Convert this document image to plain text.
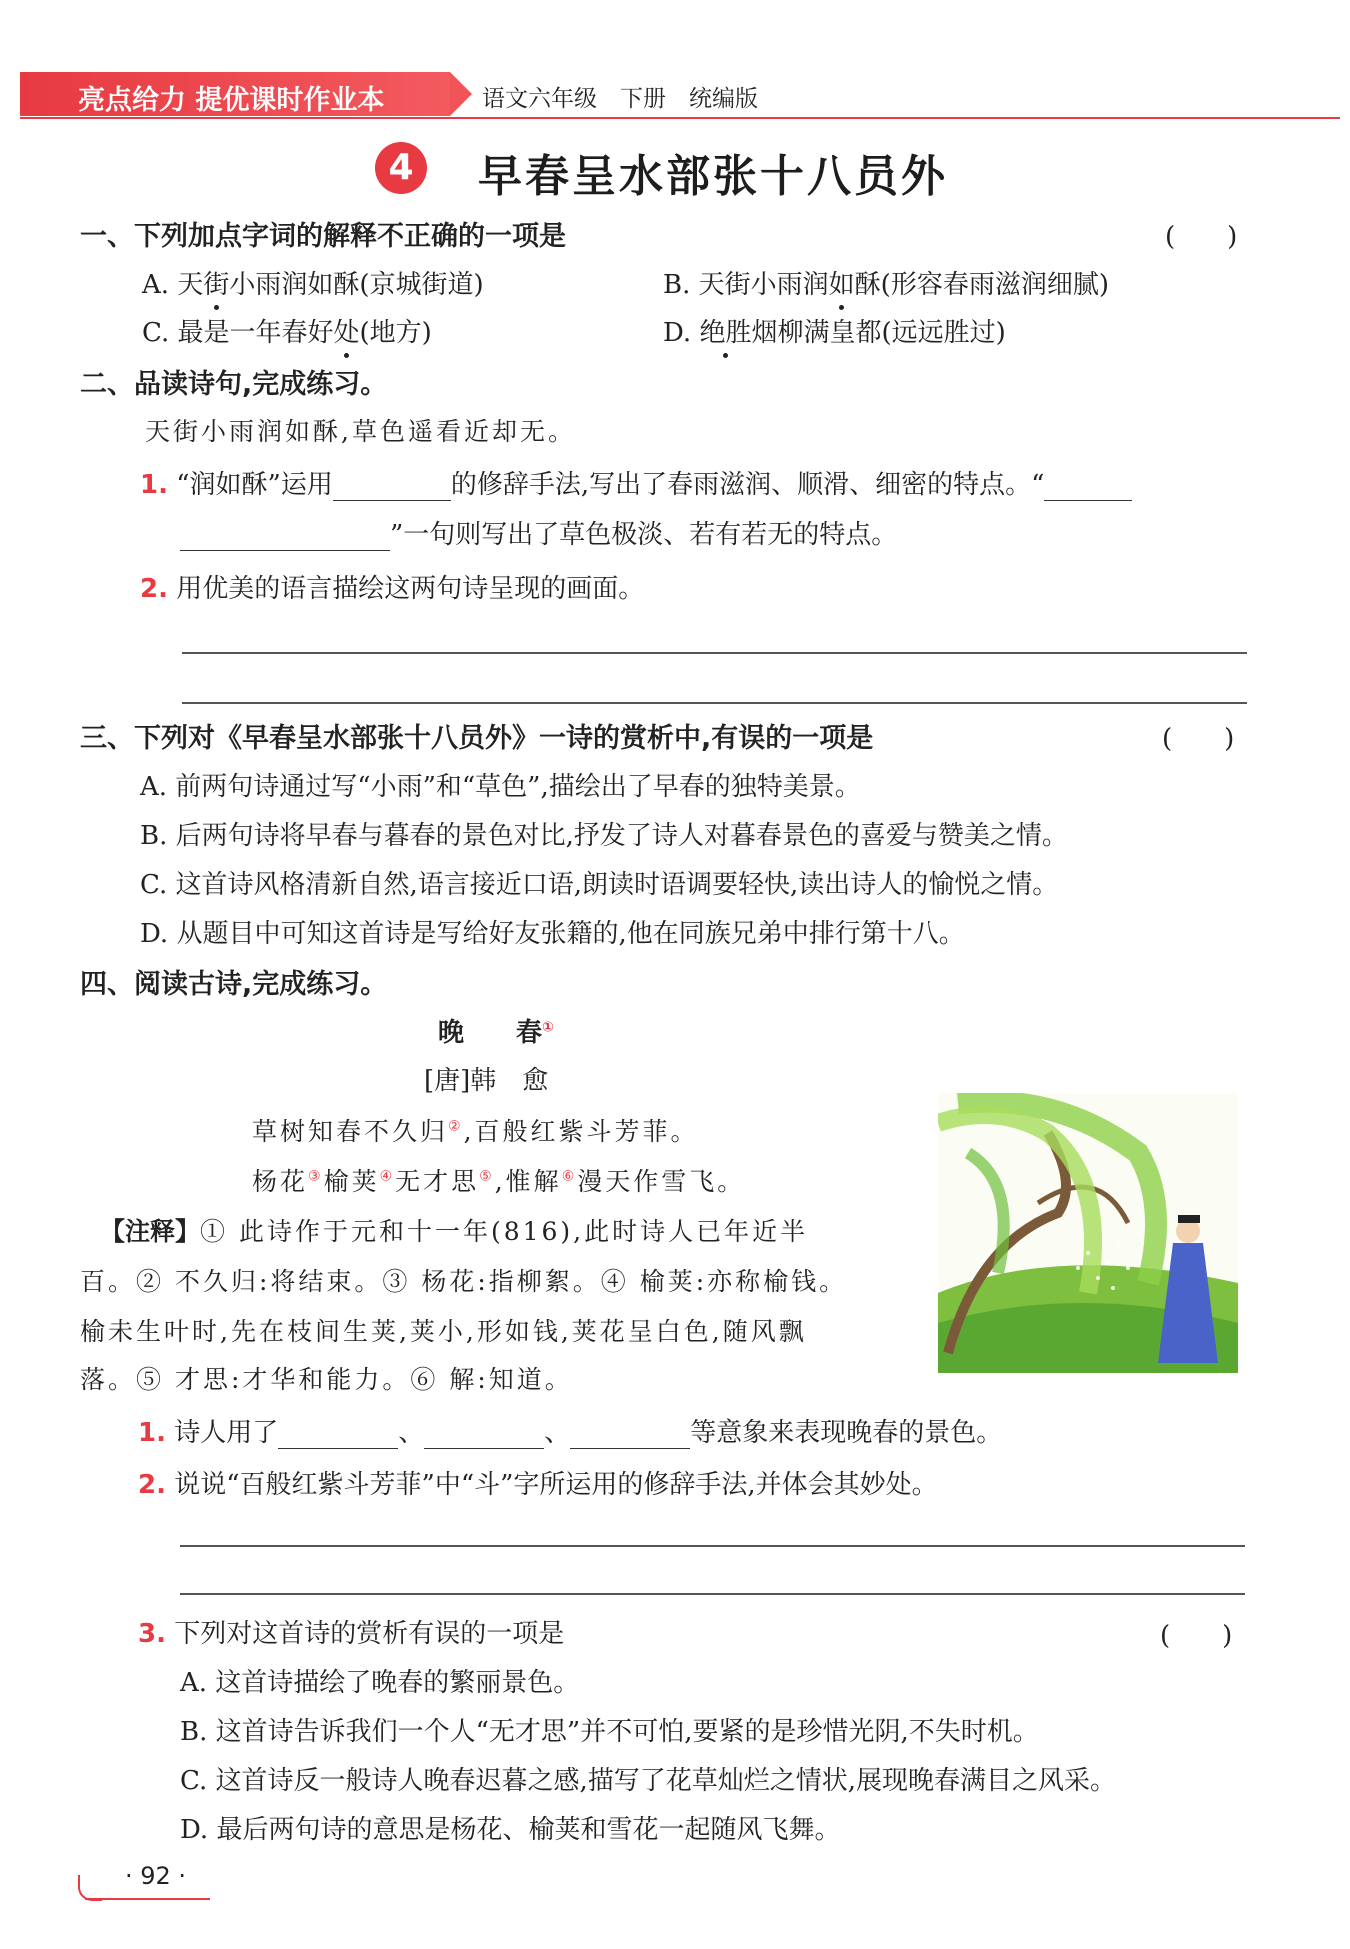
亮点给力 提优课时作业本	语文六年级　下册　统编版
4	早春呈水部张十八员外
一、下列加点字词的解释不正确的一项是	(　　)
A. 天街小雨润如酥(京城街道)	B. 天街小雨润如酥(形容春雨滋润细腻)
C. 最是一年春好处(地方)	D. 绝胜烟柳满皇都(远远胜过)
二、品读诗句,完成练习。
天街小雨润如酥,草色遥看近却无。
1. “润如酥”运用	的修辞手法,写出了春雨滋润、顺滑、细密的特点。“
”一句则写出了草色极淡、若有若无的特点。
2. 用优美的语言描绘这两句诗呈现的画面。
三、下列对《早春呈水部张十八员外》一诗的赏析中,有误的一项是	(　　)
A. 前两句诗通过写“小雨”和“草色”,描绘出了早春的独特美景。
B. 后两句诗将早春与暮春的景色对比,抒发了诗人对暮春景色的喜爱与赞美之情。
C. 这首诗风格清新自然,语言接近口语,朗读时语调要轻快,读出诗人的愉悦之情。
D. 从题目中可知这首诗是写给好友张籍的,他在同族兄弟中排行第十八。
四、阅读古诗,完成练习。
晚　　春①
[唐]韩　愈
草树知春不久归②,百般红紫斗芳菲。
杨花③榆荚④无才思⑤,惟解⑥漫天作雪飞。
【注释】① 此诗作于元和十一年(816),此时诗人已年近半
百。② 不久归:将结束。③ 杨花:指柳絮。④ 榆荚:亦称榆钱。
榆未生叶时,先在枝间生荚,荚小,形如钱,荚花呈白色,随风飘
落。⑤ 才思:才华和能力。⑥ 解:知道。
1. 诗人用了	、	、	等意象来表现晚春的景色。
2. 说说“百般红紫斗芳菲”中“斗”字所运用的修辞手法,并体会其妙处。
3. 下列对这首诗的赏析有误的一项是	(　　)
A. 这首诗描绘了晚春的繁丽景色。
B. 这首诗告诉我们一个人“无才思”并不可怕,要紧的是珍惜光阴,不失时机。
C. 这首诗反一般诗人晚春迟暮之感,描写了花草灿烂之情状,展现晚春满目之风采。
D. 最后两句诗的意思是杨花、榆荚和雪花一起随风飞舞。
· 92 ·
